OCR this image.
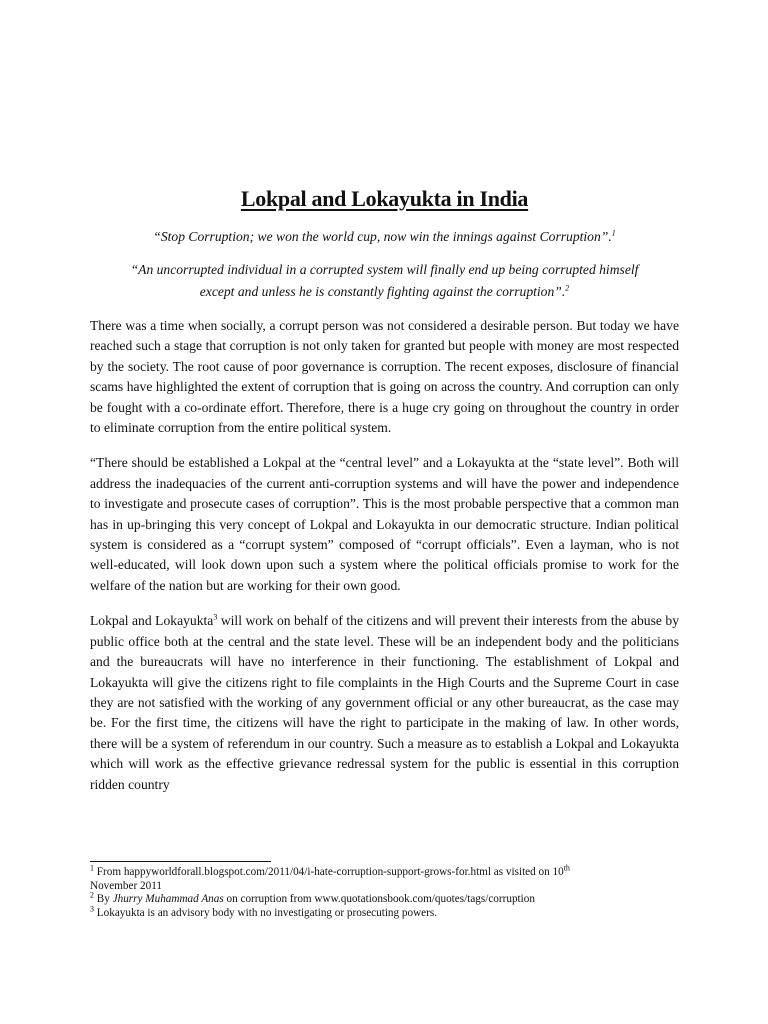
Lokpal and Lokayukta in India

“Stop Corruption; we won the world cup, now win the innings against Corruption”.$^1$

“An uncorrupted individual in a corrupted system will finally end up being corrupted himself
except and unless he is constantly fighting against the corruption”.$^2$

There was a time when socially, a corrupt person was not considered a desirable person. But today we have reached such a stage that corruption is not only taken for granted but people with money are most respected by the society. The root cause of poor governance is corruption. The recent exposes, disclosure of financial scams have highlighted the extent of corruption that is going on across the country. And corruption can only be fought with a co-ordinate effort. Therefore, there is a huge cry going on throughout the country in order to eliminate corruption from the entire political system.

“There should be established a Lokpal at the “central level” and a Lokayukta at the “state level”. Both will address the inadequacies of the current anti-corruption systems and will have the power and independence to investigate and prosecute cases of corruption”. This is the most probable perspective that a common man has in up-bringing this very concept of Lokpal and Lokayukta in our democratic structure. Indian political system is considered as a “corrupt system” composed of “corrupt officials”. Even a layman, who is not well-educated, will look down upon such a system where the political officials promise to work for the welfare of the nation but are working for their own good.

Lokpal and Lokayukta$^3$ will work on behalf of the citizens and will prevent their interests from the abuse by public office both at the central and the state level. These will be an independent body and the politicians and the bureaucrats will have no interference in their functioning. The establishment of Lokpal and Lokayukta will give the citizens right to file complaints in the High Courts and the Supreme Court in case they are not satisfied with the working of any government official or any other bureaucrat, as the case may be. For the first time, the citizens will have the right to participate in the making of law. In other words, there will be a system of referendum in our country. Such a measure as to establish a Lokpal and Lokayukta which will work as the effective grievance redressal system for the public is essential in this corruption ridden country

$^1$ From happyworldforall.blogspot.com/2011/04/i-hate-corruption-support-grows-for.html as visited on 10th
November 2011

$^2$ By Jhurry Muhammad Anas on corruption from www.quotationsbook.com/quotes/tags/corruption

$^3$ Lokayukta is an advisory body with no investigating or prosecuting powers.
